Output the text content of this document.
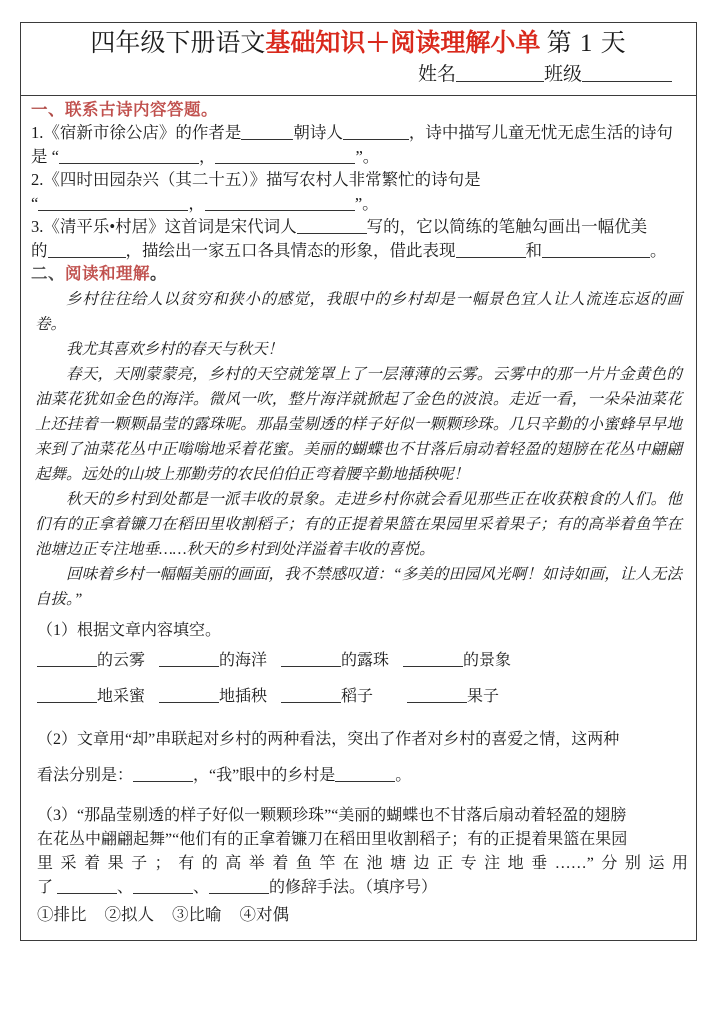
四年级下册语文基础知识＋阅读理解小单 第 1 天
姓名	班级
一、联系古诗内容答题。
1.《宿新市徐公店》的作者是	朝诗人	，诗中描写儿童无忧无虑生活的诗句
是 “	，	”。
2.《四时田园杂兴（其二十五）》描写农村人非常繁忙的诗句是
“	，	”。
3.《清平乐•村居》这首词是宋代词人	写的，它以简练的笔触勾画出一幅优美
的	，描绘出一家五口各具情态的形象，借此表现	和	。
二、阅读和理解。
乡村往往给人以贫穷和狭小的感觉，我眼中的乡村却是一幅景色宜人让人流连忘返的画卷。
我尤其喜欢乡村的春天与秋天！
春天，天刚蒙蒙亮，乡村的天空就笼罩上了一层薄薄的云雾。云雾中的那一片片金黄色的油菜花犹如金色的海洋。微风一吹，整片海洋就掀起了金色的波浪。走近一看，一朵朵油菜花上还挂着一颗颗晶莹的露珠呢。那晶莹剔透的样子好似一颗颗珍珠。几只辛勤的小蜜蜂早早地来到了油菜花丛中正嗡嗡地采着花蜜。美丽的蝴蝶也不甘落后扇动着轻盈的翅膀在花丛中翩翩起舞。远处的山坡上那勤劳的农民伯伯正弯着腰辛勤地插秧呢！
秋天的乡村到处都是一派丰收的景象。走进乡村你就会看见那些正在收获粮食的人们。他们有的正拿着镰刀在稻田里收割稻子；有的正提着果篮在果园里采着果子；有的高举着鱼竿在池塘边正专注地垂……秋天的乡村到处洋溢着丰收的喜悦。
回味着乡村一幅幅美丽的画面，我不禁感叹道：“多美的田园风光啊！如诗如画，让人无法自拔。”
（1）根据文章内容填空。
的云雾	的海洋	的露珠	的景象
地采蜜	地插秧	稻子	果子
（2）文章用“却”串联起对乡村的两种看法，突出了作者对乡村的喜爱之情，这两种
看法分别是：	，“我”眼中的乡村是	。
（3）“那晶莹剔透的样子好似一颗颗珍珠”“美丽的蝴蝶也不甘落后扇动着轻盈的翅膀
在花丛中翩翩起舞”“他们有的正拿着镰刀在稻田里收割稻子；有的正提着果篮在果园
里采着果子；有的高举着鱼竿在池塘边正专注地垂……”分别运用
了	、	、	的修辞手法。（填序号）
①排比 ②拟人 ③比喻 ④对偶
